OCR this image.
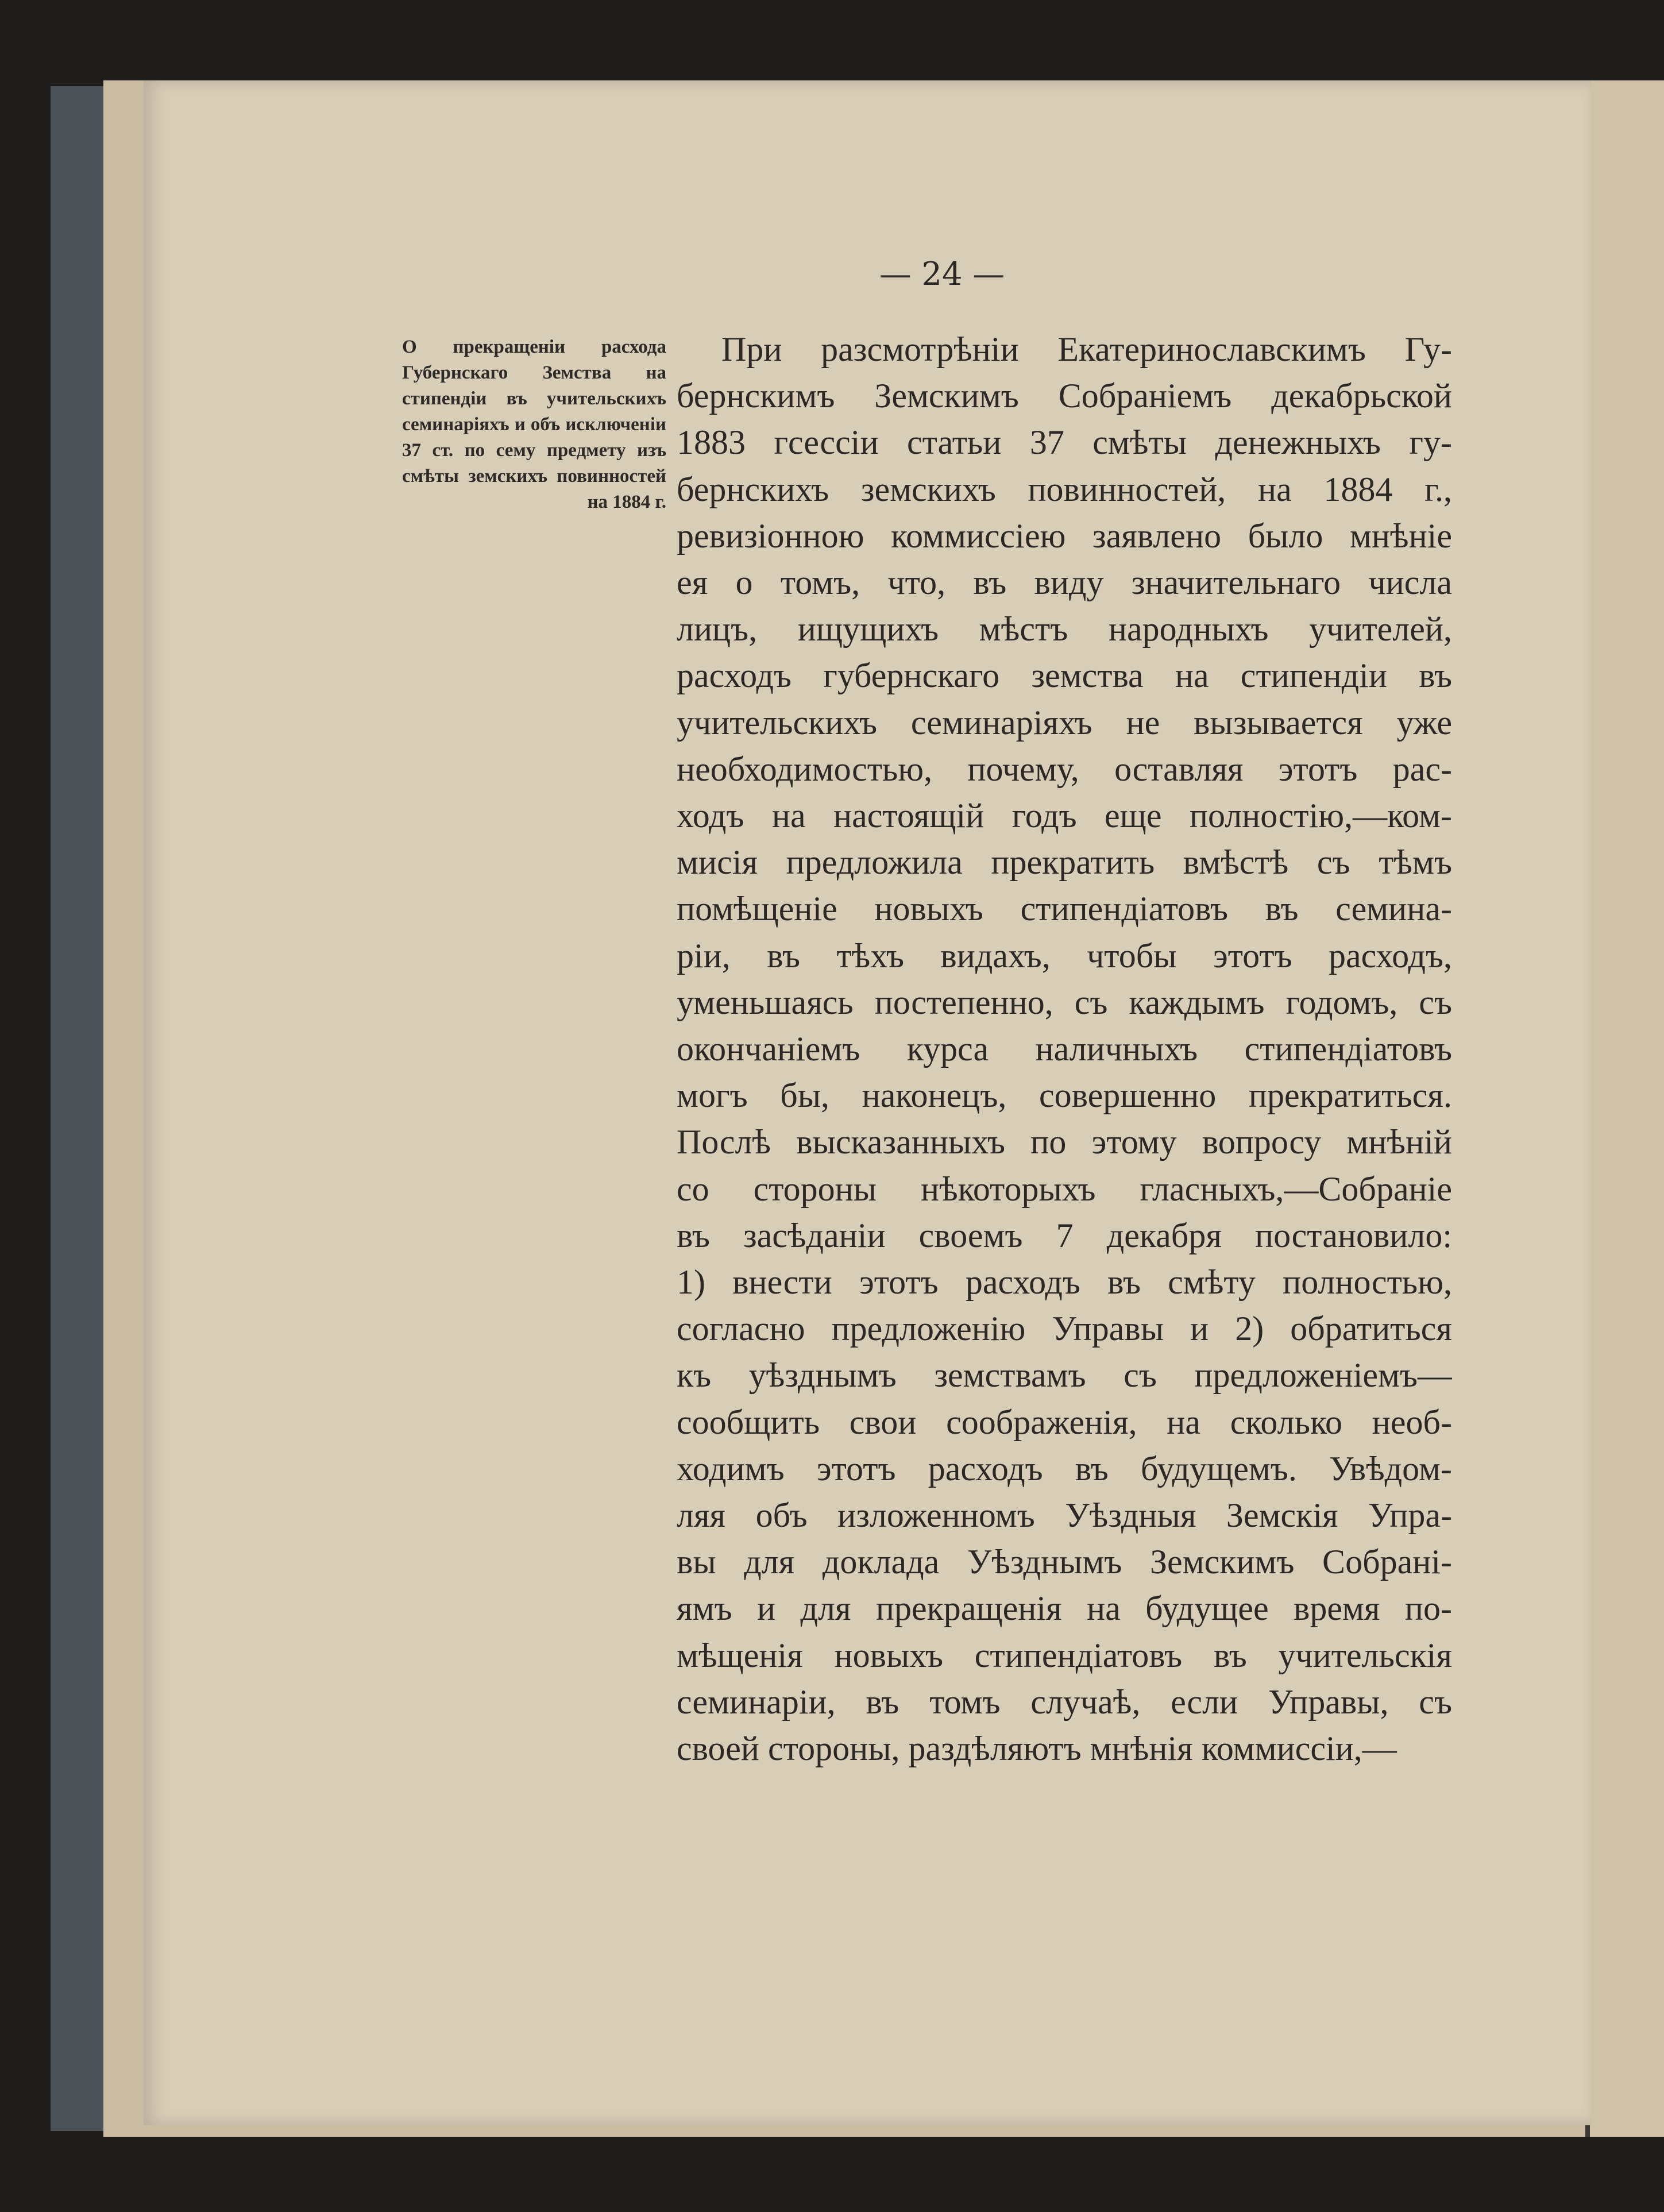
— 24 —
О прекращеніи расхода Губернскаго Земства на стипендіи въ учительскихъ семинаріяхъ и объ исключеніи 37 ст. по сему предмету изъ смѣты земскихъ повинностей на 1884 г.
При разсмотрѣніи Екатеринославскимъ Гу-
бернскимъ Земскимъ Собраніемъ декабрьской
1883 гсессіи статьи 37 смѣты денежныхъ гу-
бернскихъ земскихъ повинностей, на 1884 г.,
ревизіонною коммиссіею заявлено было мнѣніе
ея о томъ, что, въ виду значительнаго числа
лицъ, ищущихъ мѣстъ народныхъ учителей,
расходъ губернскаго земства на стипендіи въ
учительскихъ семинаріяхъ не вызывается уже
необходимостью, почему, оставляя этотъ рас-
ходъ на настоящій годъ еще полностію,—ком-
мисія предложила прекратить вмѣстѣ съ тѣмъ
помѣщеніе новыхъ стипендіатовъ въ семина-
ріи, въ тѣхъ видахъ, чтобы этотъ расходъ,
уменьшаясь постепенно, съ каждымъ годомъ, съ
окончаніемъ курса наличныхъ стипендіатовъ
могъ бы, наконецъ, совершенно прекратиться.
Послѣ высказанныхъ по этому вопросу мнѣній
со стороны нѣкоторыхъ гласныхъ,—Собраніе
въ засѣданіи своемъ 7 декабря постановило:
1) внести этотъ расходъ въ смѣту полностью,
согласно предложенію Управы и 2) обратиться
къ уѣзднымъ земствамъ съ предложеніемъ—
сообщить свои соображенія, на сколько необ-
ходимъ этотъ расходъ въ будущемъ. Увѣдом-
ляя объ изложенномъ Уѣздныя Земскія Упра-
вы для доклада Уѣзднымъ Земскимъ Собрані-
ямъ и для прекращенія на будущее время по-
мѣщенія новыхъ стипендіатовъ въ учительскія
семинаріи, въ томъ случаѣ, если Управы, съ
своей стороны, раздѣляютъ мнѣнія коммиссіи,—
